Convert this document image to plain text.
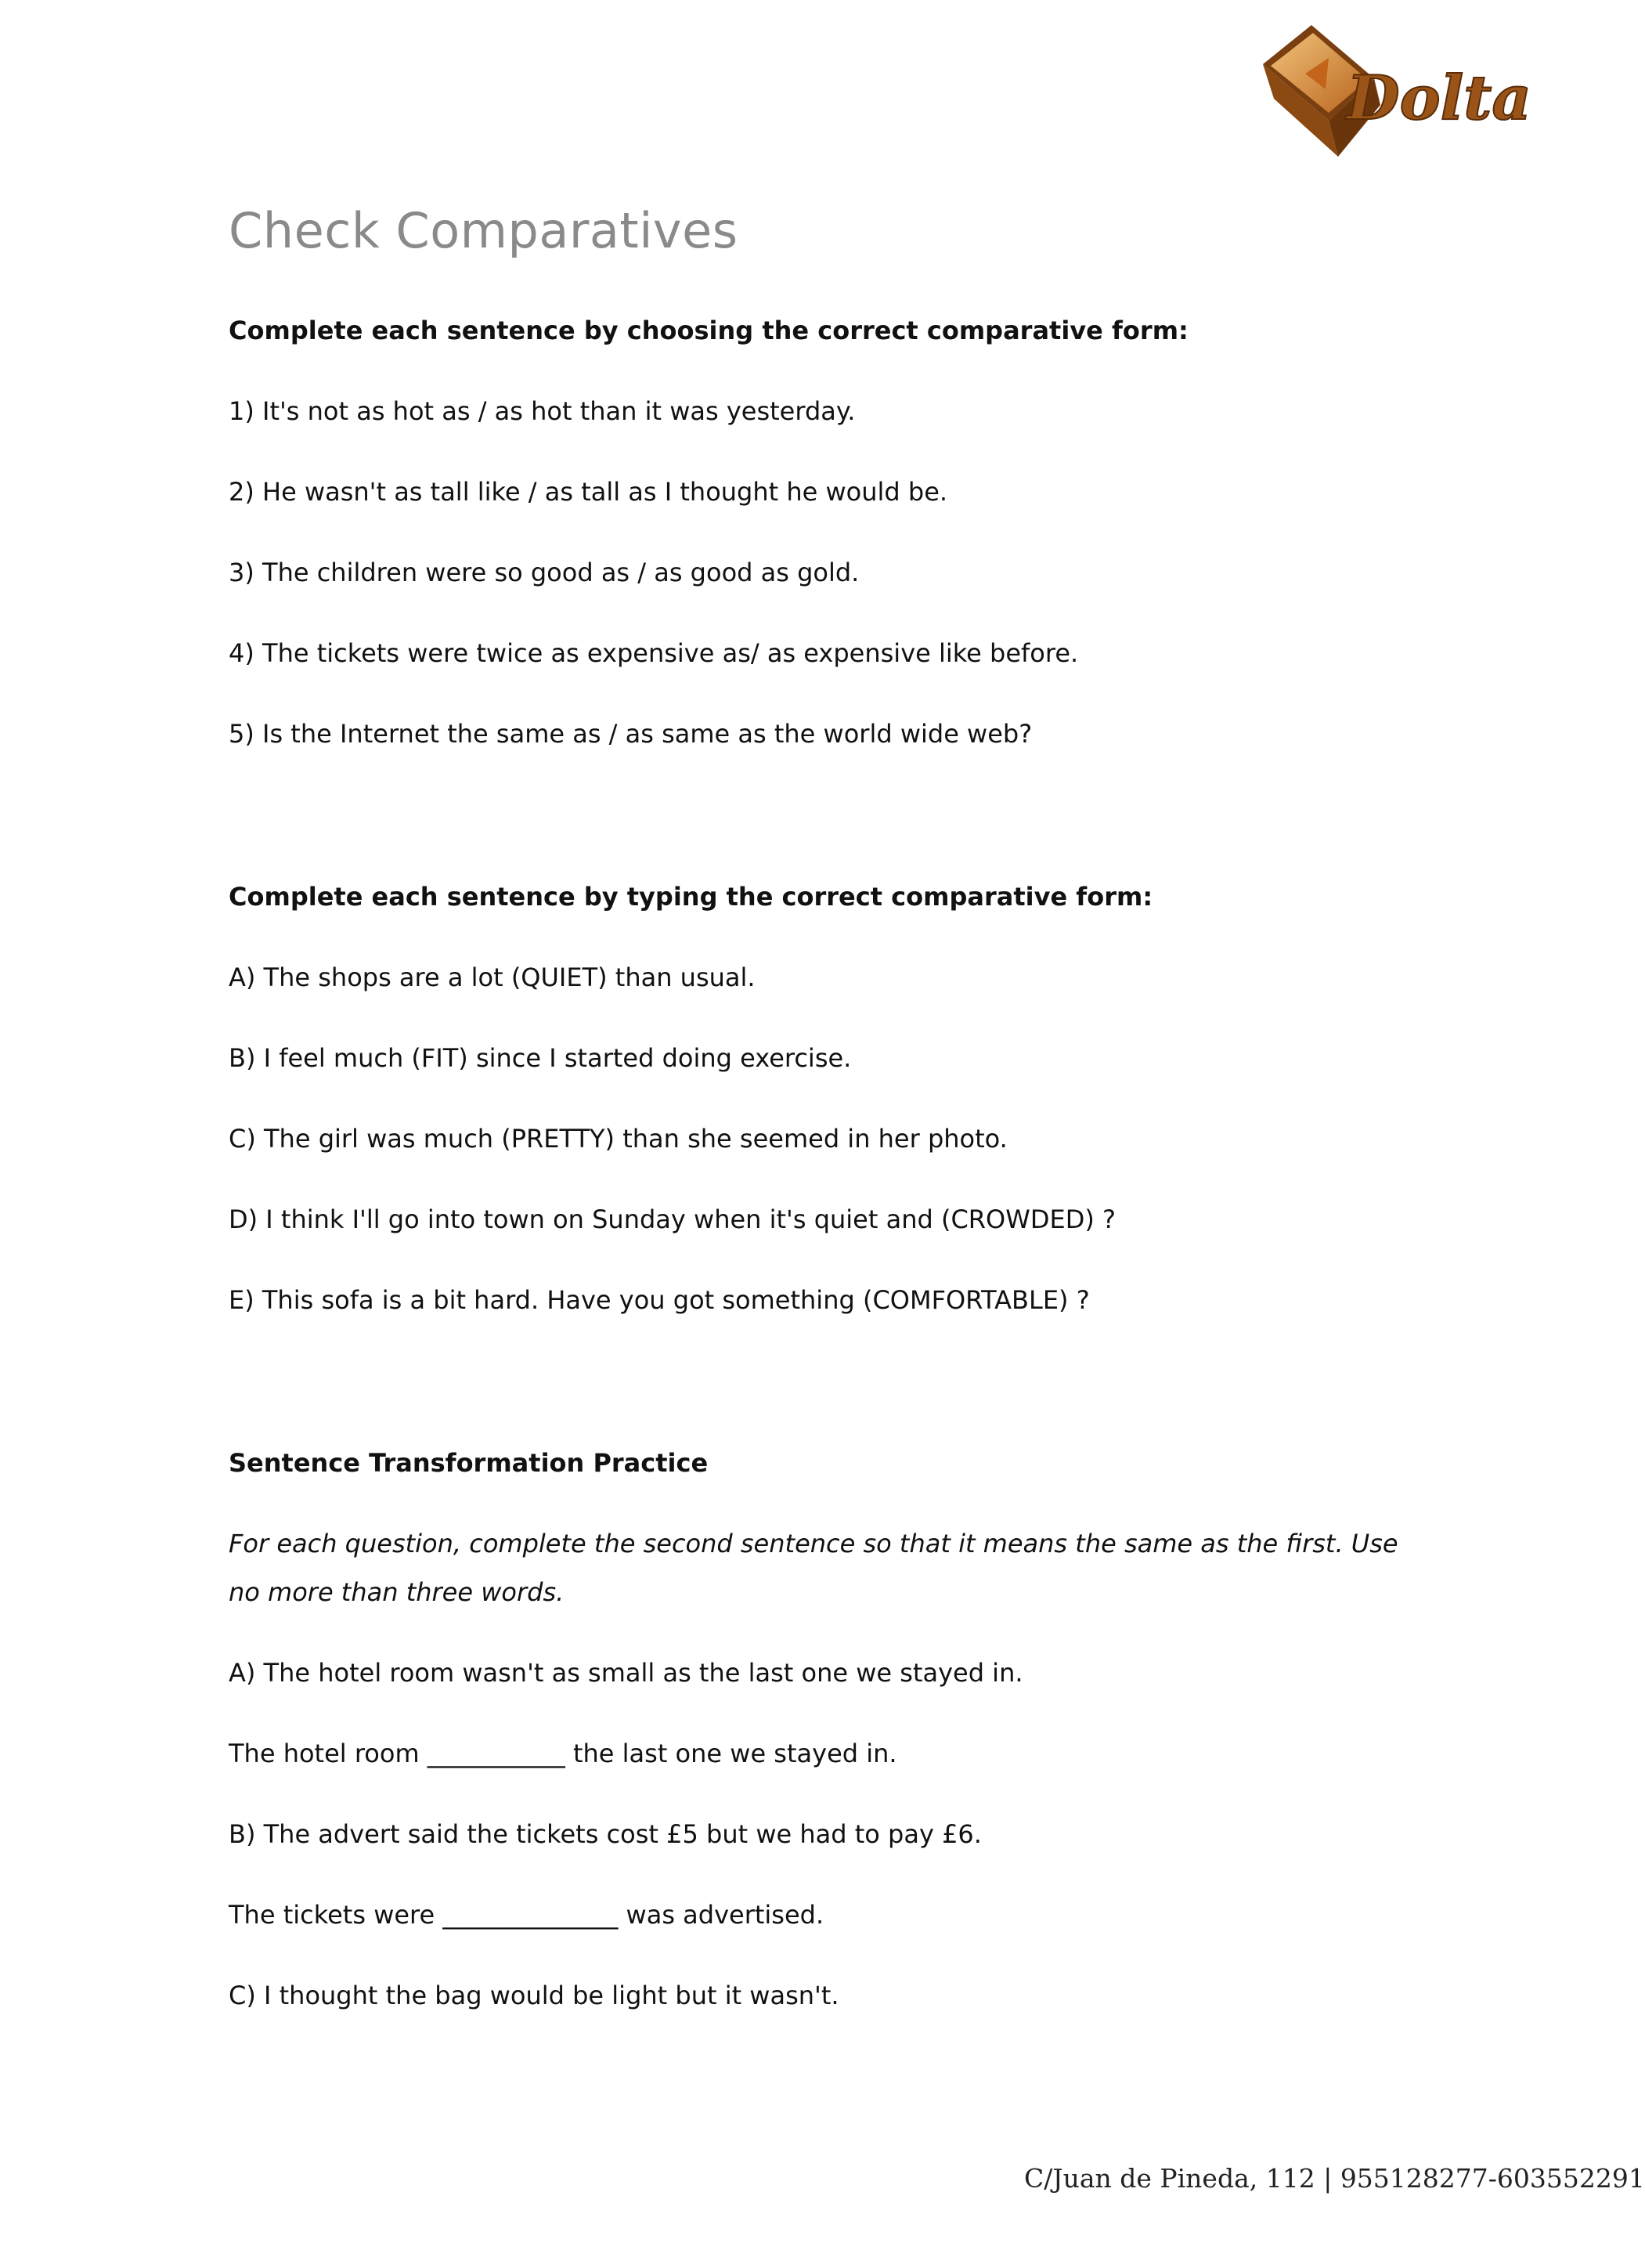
Dolta
Check Comparatives
Complete each sentence by choosing the correct comparative form:
1) It's not as hot as / as hot than it was yesterday.
2) He wasn't as tall like / as tall as I thought he would be.
3) The children were so good as / as good as gold.
4) The tickets were twice as expensive as/ as expensive like before.
5) Is the Internet the same as / as same as the world wide web?
Complete each sentence by typing the correct comparative form:
A) The shops are a lot (QUIET) than usual.
B) I feel much (FIT) since I started doing exercise.
C) The girl was much (PRETTY) than she seemed in her photo.
D) I think I'll go into town on Sunday when it's quiet and (CROWDED) ?
E) This sofa is a bit hard. Have you got something (COMFORTABLE) ?
Sentence Transformation Practice
For each question, complete the second sentence so that it means the same as the first. Use
no more than three words.
A) The hotel room wasn't as small as the last one we stayed in.
The hotel room ___________ the last one we stayed in.
B) The advert said the tickets cost £5 but we had to pay £6.
The tickets were ______________ was advertised.
C) I thought the bag would be light but it wasn't.
C/Juan de Pineda, 112 | 955128277-603552291
